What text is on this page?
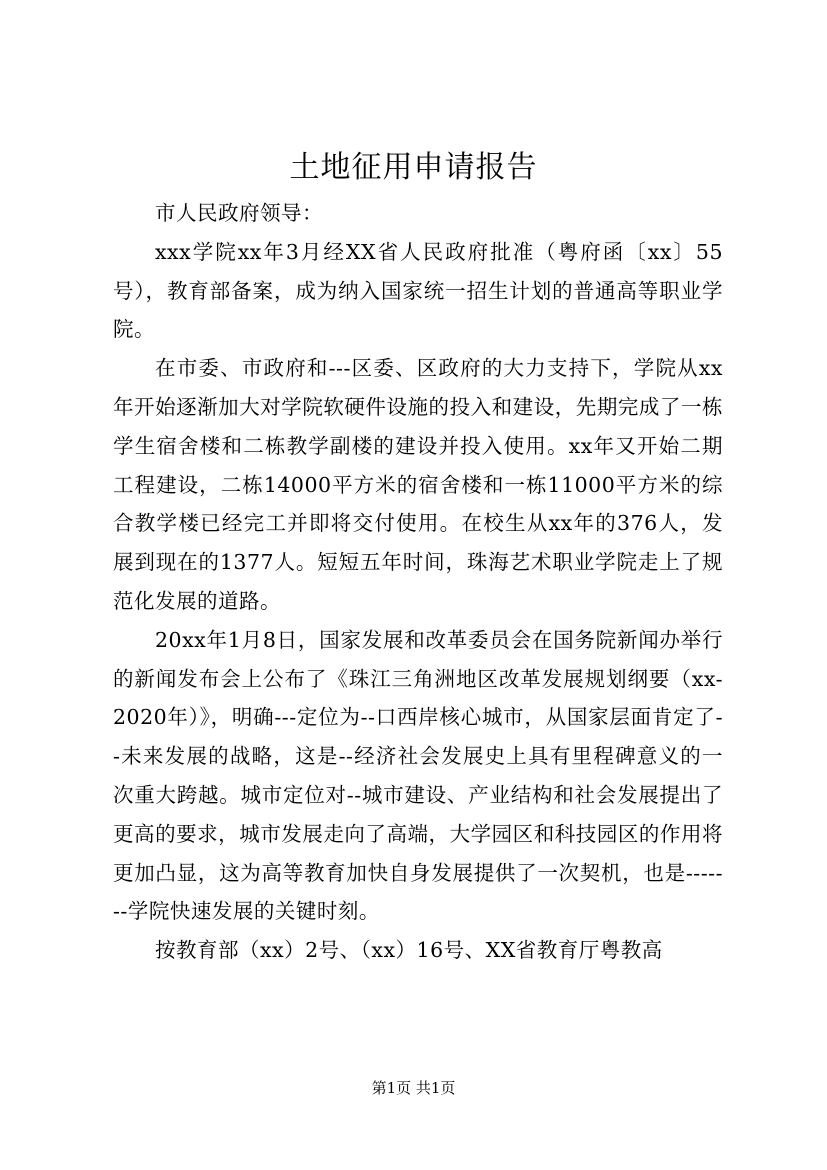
土地征用申请报告

市人民政府领导：

xxx学院xx年3月经XX省人民政府批准（粤府函〔xx〕55号），教育部备案，成为纳入国家统一招生计划的普通高等职业学院。

在市委、市政府和---区委、区政府的大力支持下，学院从xx年开始逐渐加大对学院软硬件设施的投入和建设，先期完成了一栋学生宿舍楼和二栋教学副楼的建设并投入使用。xx年又开始二期工程建设，二栋14000平方米的宿舍楼和一栋11000平方米的综合教学楼已经完工并即将交付使用。在校生从xx年的376人，发展到现在的1377人。短短五年时间，珠海艺术职业学院走上了规范化发展的道路。

20xx年1月8日，国家发展和改革委员会在国务院新闻办举行的新闻发布会上公布了《珠江三角洲地区改革发展规划纲要（xx-2020年）》，明确---定位为--口西岸核心城市，从国家层面肯定了--未来发展的战略，这是--经济社会发展史上具有里程碑意义的一次重大跨越。城市定位对--城市建设、产业结构和社会发展提出了更高的要求，城市发展走向了高端，大学园区和科技园区的作用将更加凸显，这为高等教育加快自身发展提供了一次契机，也是-------学院快速发展的关键时刻。

按教育部（xx）2号、（xx）16号、XX省教育厅粤教高

第1页 共1页
